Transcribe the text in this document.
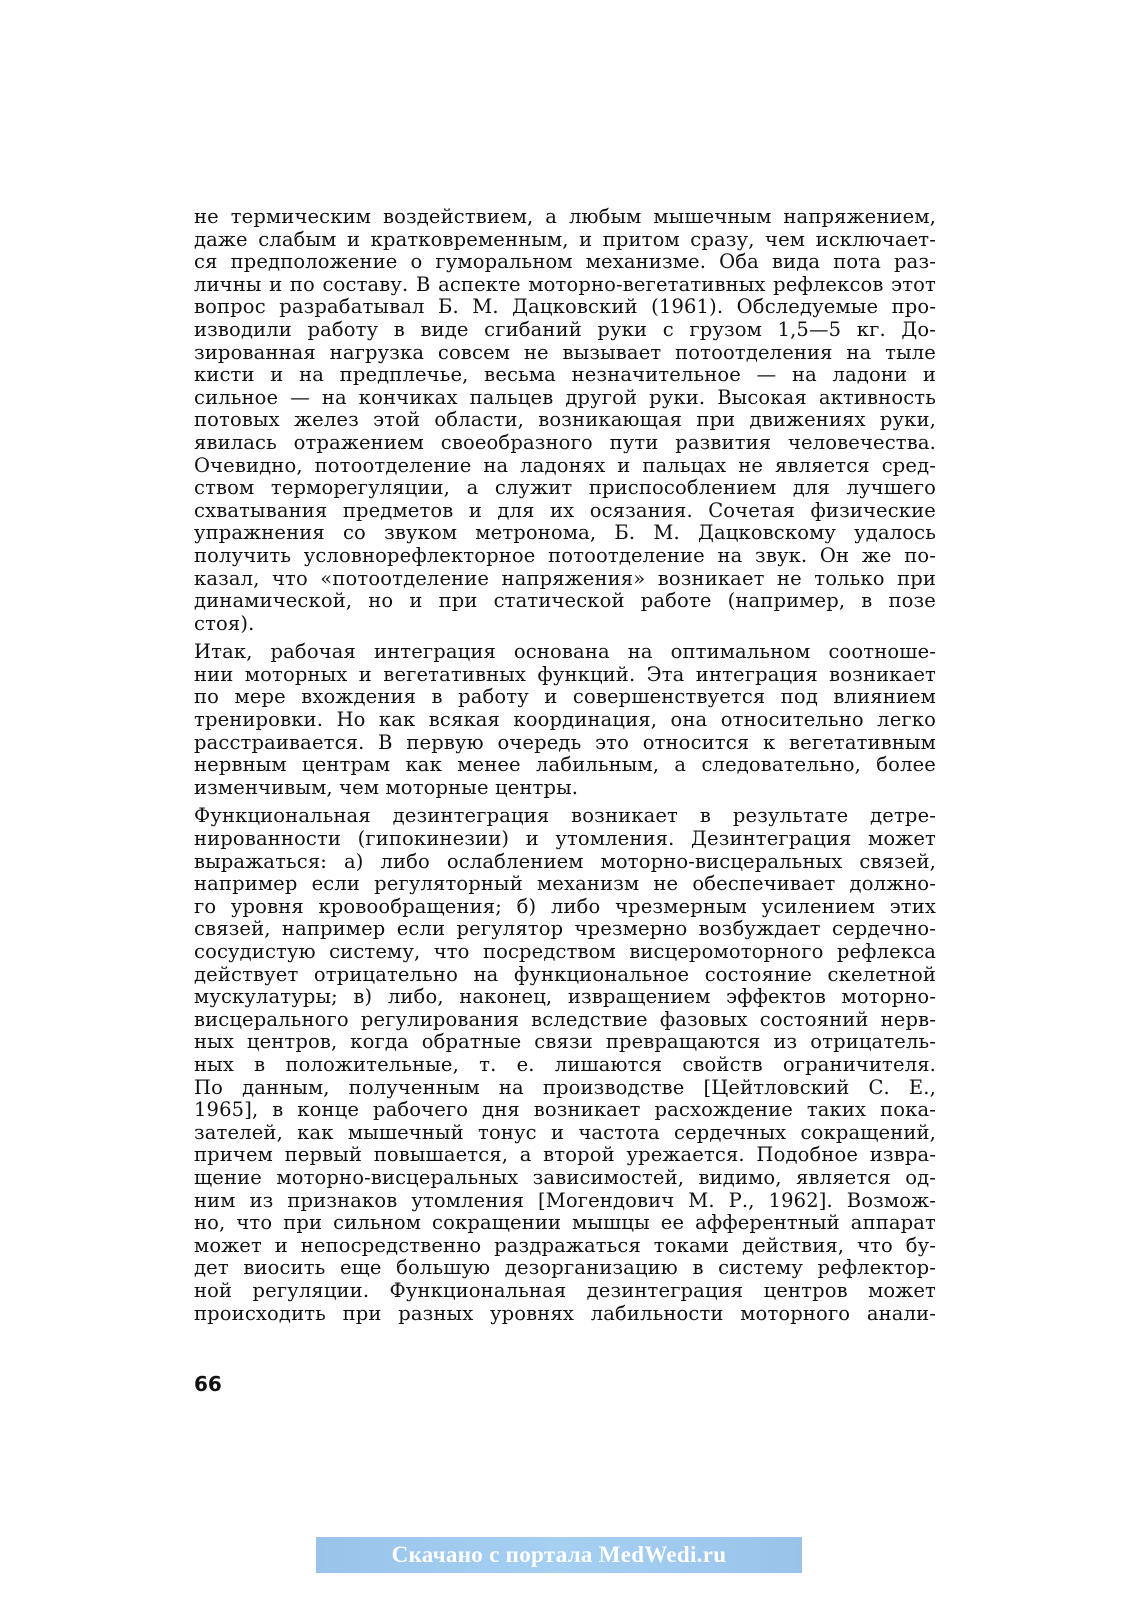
не термическим воздействием, а любым мышечным напряжением,
даже слабым и кратковременным, и притом сразу, чем исключает-
ся предположение о гуморальном механизме. Оба вида пота раз-
личны и по составу. В аспекте моторно-вегетативных рефлексов этот
вопрос разрабатывал Б. М. Дацковский (1961). Обследуемые про-
изводили работу в виде сгибаний руки с грузом 1,5—5 кг. До-
зированная нагрузка совсем не вызывает потоотделения на тыле
кисти и на предплечье, весьма незначительное — на ладони и
сильное — на кончиках пальцев другой руки. Высокая активность
потовых желез этой области, возникающая при движениях руки,
явилась отражением своеобразного пути развития человечества.
Очевидно, потоотделение на ладонях и пальцах не является сред-
ством терморегуляции, а служит приспособлением для лучшего
схватывания предметов и для их осязания. Сочетая физические
упражнения со звуком метронома, Б. М. Дацковскому удалось
получить условнорефлекторное потоотделение на звук. Он же по-
казал, что «потоотделение напряжения» возникает не только при
динамической, но и при статической работе (например, в позе
стоя).
Итак, рабочая интеграция основана на оптимальном соотноше-
нии моторных и вегетативных функций. Эта интеграция возникает
по мере вхождения в работу и совершенствуется под влиянием
тренировки. Но как всякая координация, она относительно легко
расстраивается. В первую очередь это относится к вегетативным
нервным центрам как менее лабильным, а следовательно, более
изменчивым, чем моторные центры.
Функциональная дезинтеграция возникает в результате детре-
нированности (гипокинезии) и утомления. Дезинтеграция может
выражаться: а) либо ослаблением моторно-висцеральных связей,
например если регуляторный механизм не обеспечивает должно-
го уровня кровообращения; б) либо чрезмерным усилением этих
связей, например если регулятор чрезмерно возбуждает сердечно-
сосудистую систему, что посредством висцеромоторного рефлекса
действует отрицательно на функциональное состояние скелетной
мускулатуры; в) либо, наконец, извращением эффектов моторно-
висцерального регулирования вследствие фазовых состояний нерв-
ных центров, когда обратные связи превращаются из отрицатель-
ных в положительные, т. е. лишаются свойств ограничителя.
По данным, полученным на производстве [Цейтловский С. Е.,
1965], в конце рабочего дня возникает расхождение таких пока-
зателей, как мышечный тонус и частота сердечных сокращений,
причем первый повышается, а второй урежается. Подобное извра-
щение моторно-висцеральных зависимостей, видимо, является од-
ним из признаков утомления [Могендович М. Р., 1962]. Возмож-
но, что при сильном сокращении мышцы ее афферентный аппарат
может и непосредственно раздражаться токами действия, что бу-
дет виосить еще большую дезорганизацию в систему рефлектор-
ной регуляции. Функциональная дезинтеграция центров может
происходить при разных уровнях лабильности моторного анали-
66
Скачано с портала MedWedi.ru
